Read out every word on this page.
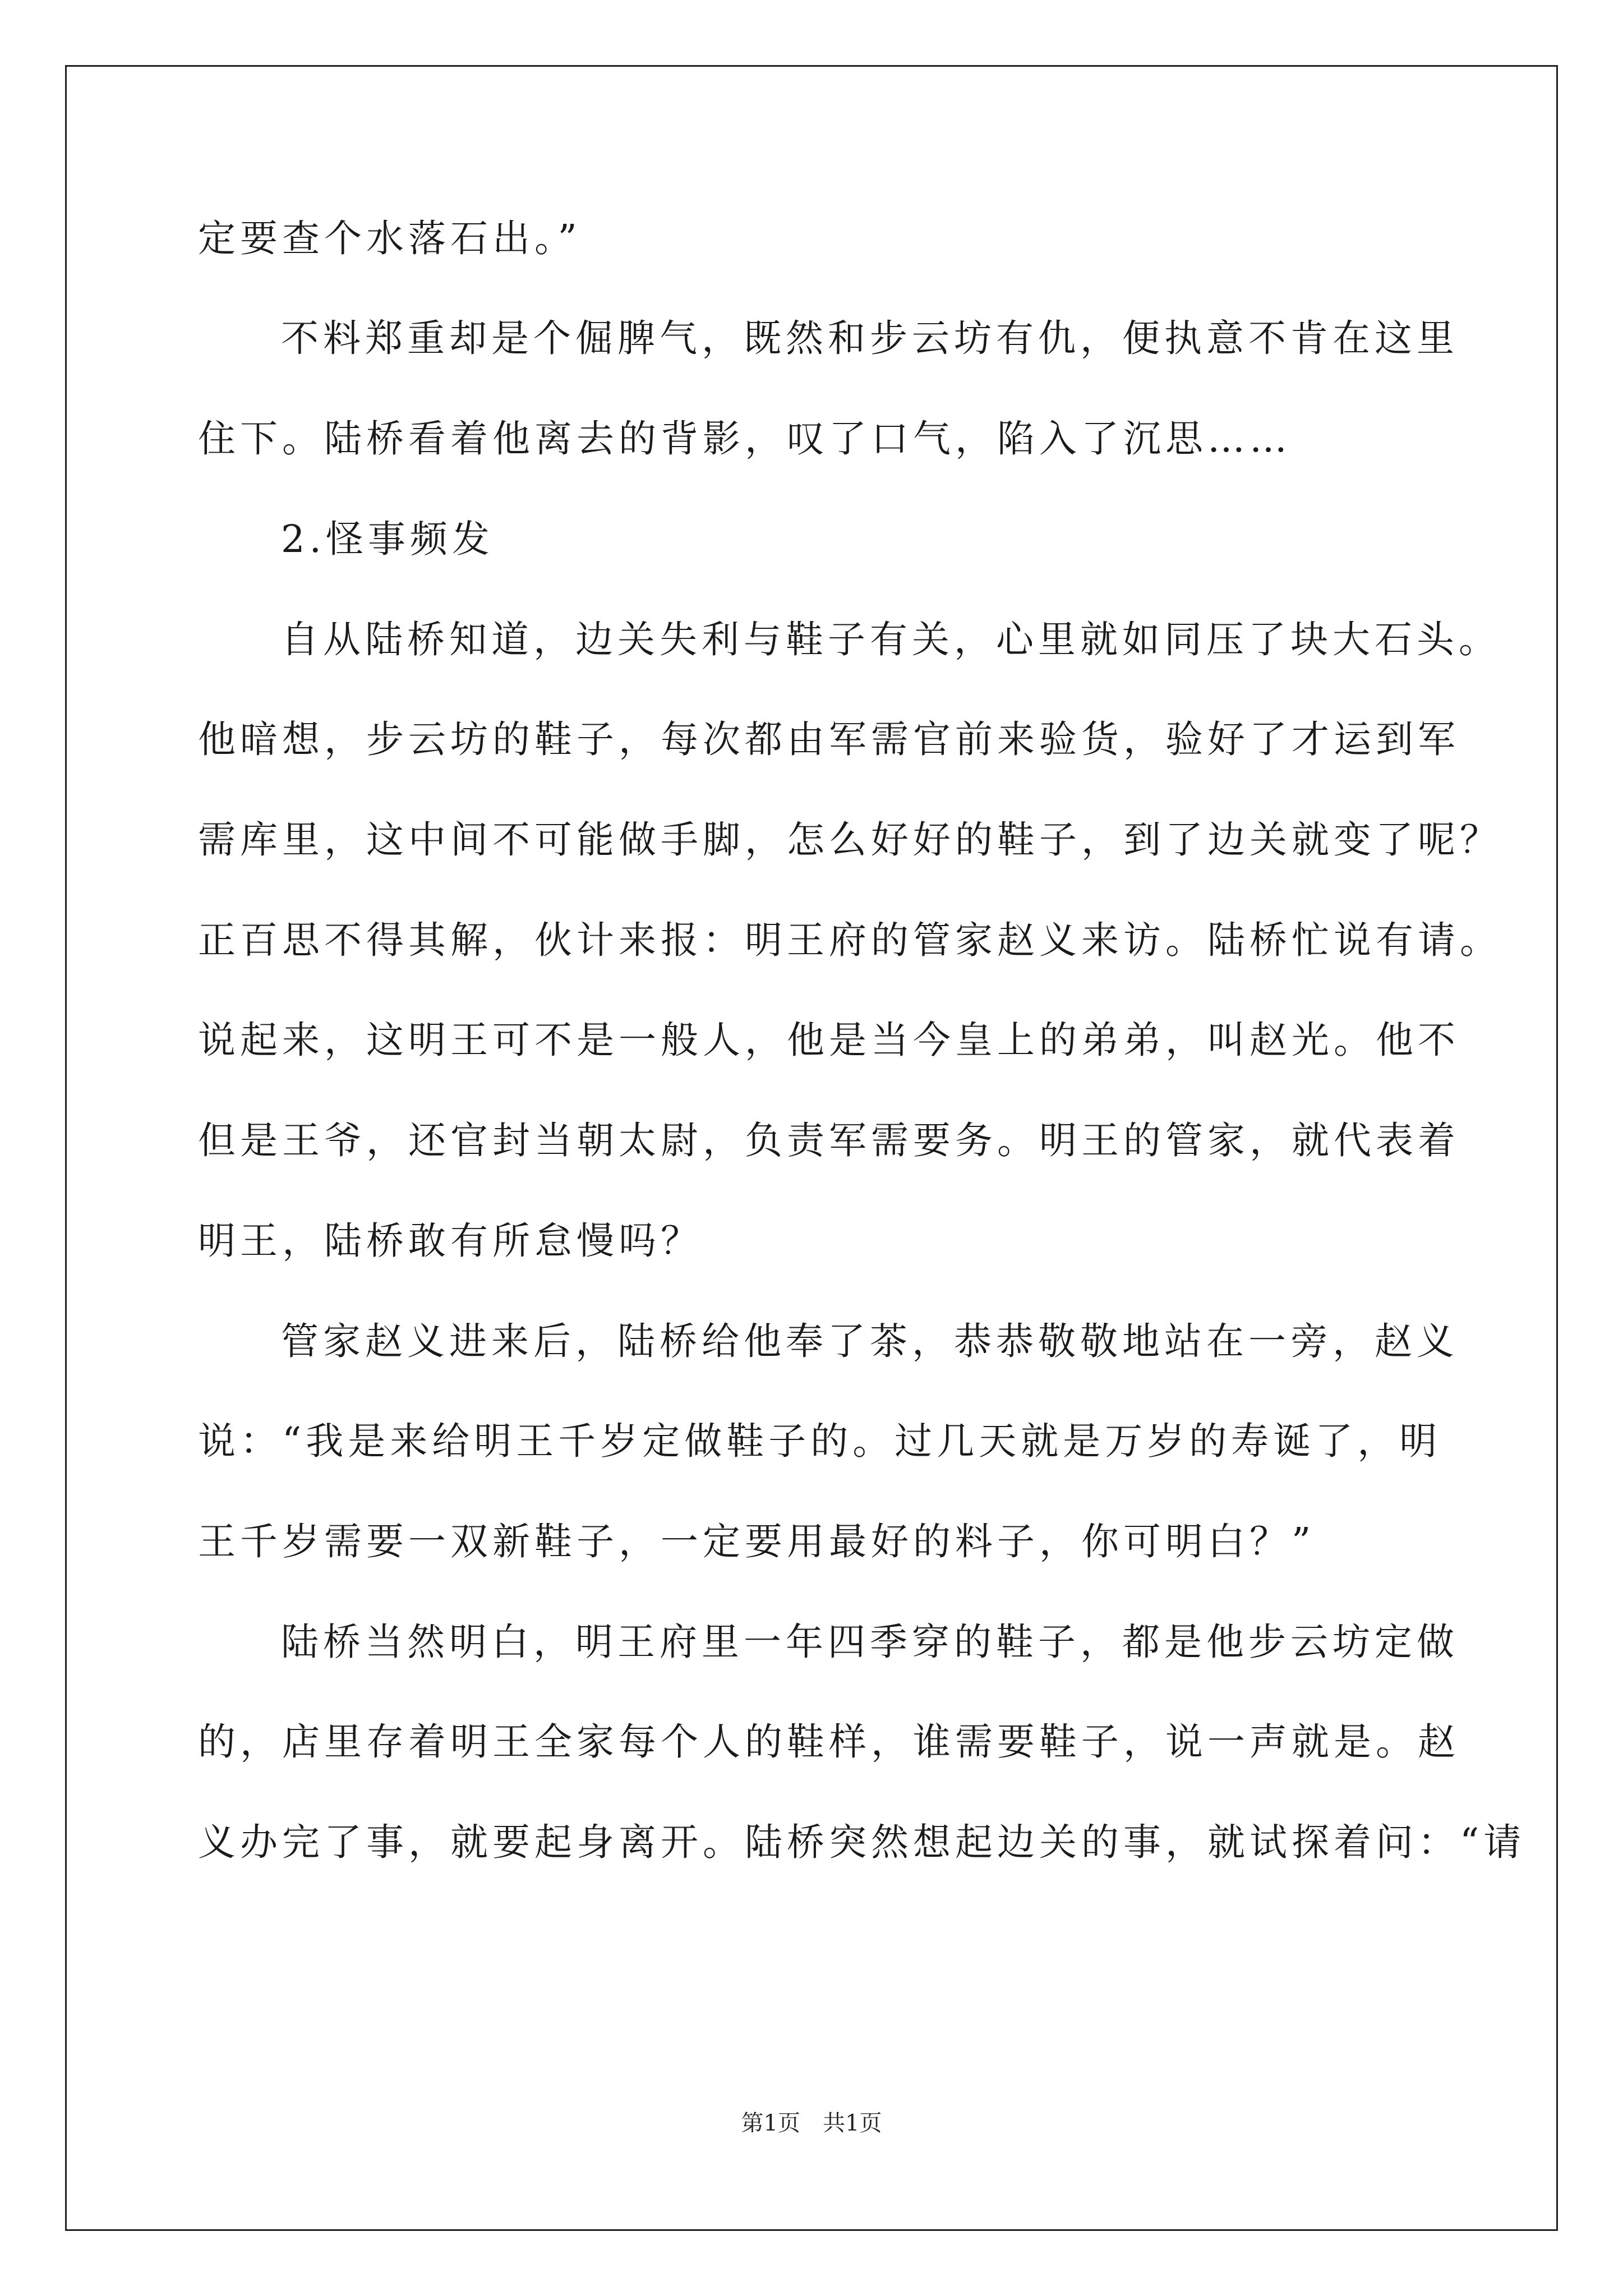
定要查个水落石出。”
不料郑重却是个倔脾气，既然和步云坊有仇，便执意不肯在这里
住下。陆桥看着他离去的背影，叹了口气，陷入了沉思……
2.怪事频发
自从陆桥知道，边关失利与鞋子有关，心里就如同压了块大石头。
他暗想，步云坊的鞋子，每次都由军需官前来验货，验好了才运到军
需库里，这中间不可能做手脚，怎么好好的鞋子，到了边关就变了呢？
正百思不得其解，伙计来报：明王府的管家赵义来访。陆桥忙说有请。
说起来，这明王可不是一般人，他是当今皇上的弟弟，叫赵光。他不
但是王爷，还官封当朝太尉，负责军需要务。明王的管家，就代表着
明王，陆桥敢有所怠慢吗？
管家赵义进来后，陆桥给他奉了茶，恭恭敬敬地站在一旁，赵义
说：“我是来给明王千岁定做鞋子的。过几天就是万岁的寿诞了，明
王千岁需要一双新鞋子，一定要用最好的料子，你可明白？”
陆桥当然明白，明王府里一年四季穿的鞋子，都是他步云坊定做
的，店里存着明王全家每个人的鞋样，谁需要鞋子，说一声就是。赵
义办完了事，就要起身离开。陆桥突然想起边关的事，就试探着问：“请
第1页　共1页
